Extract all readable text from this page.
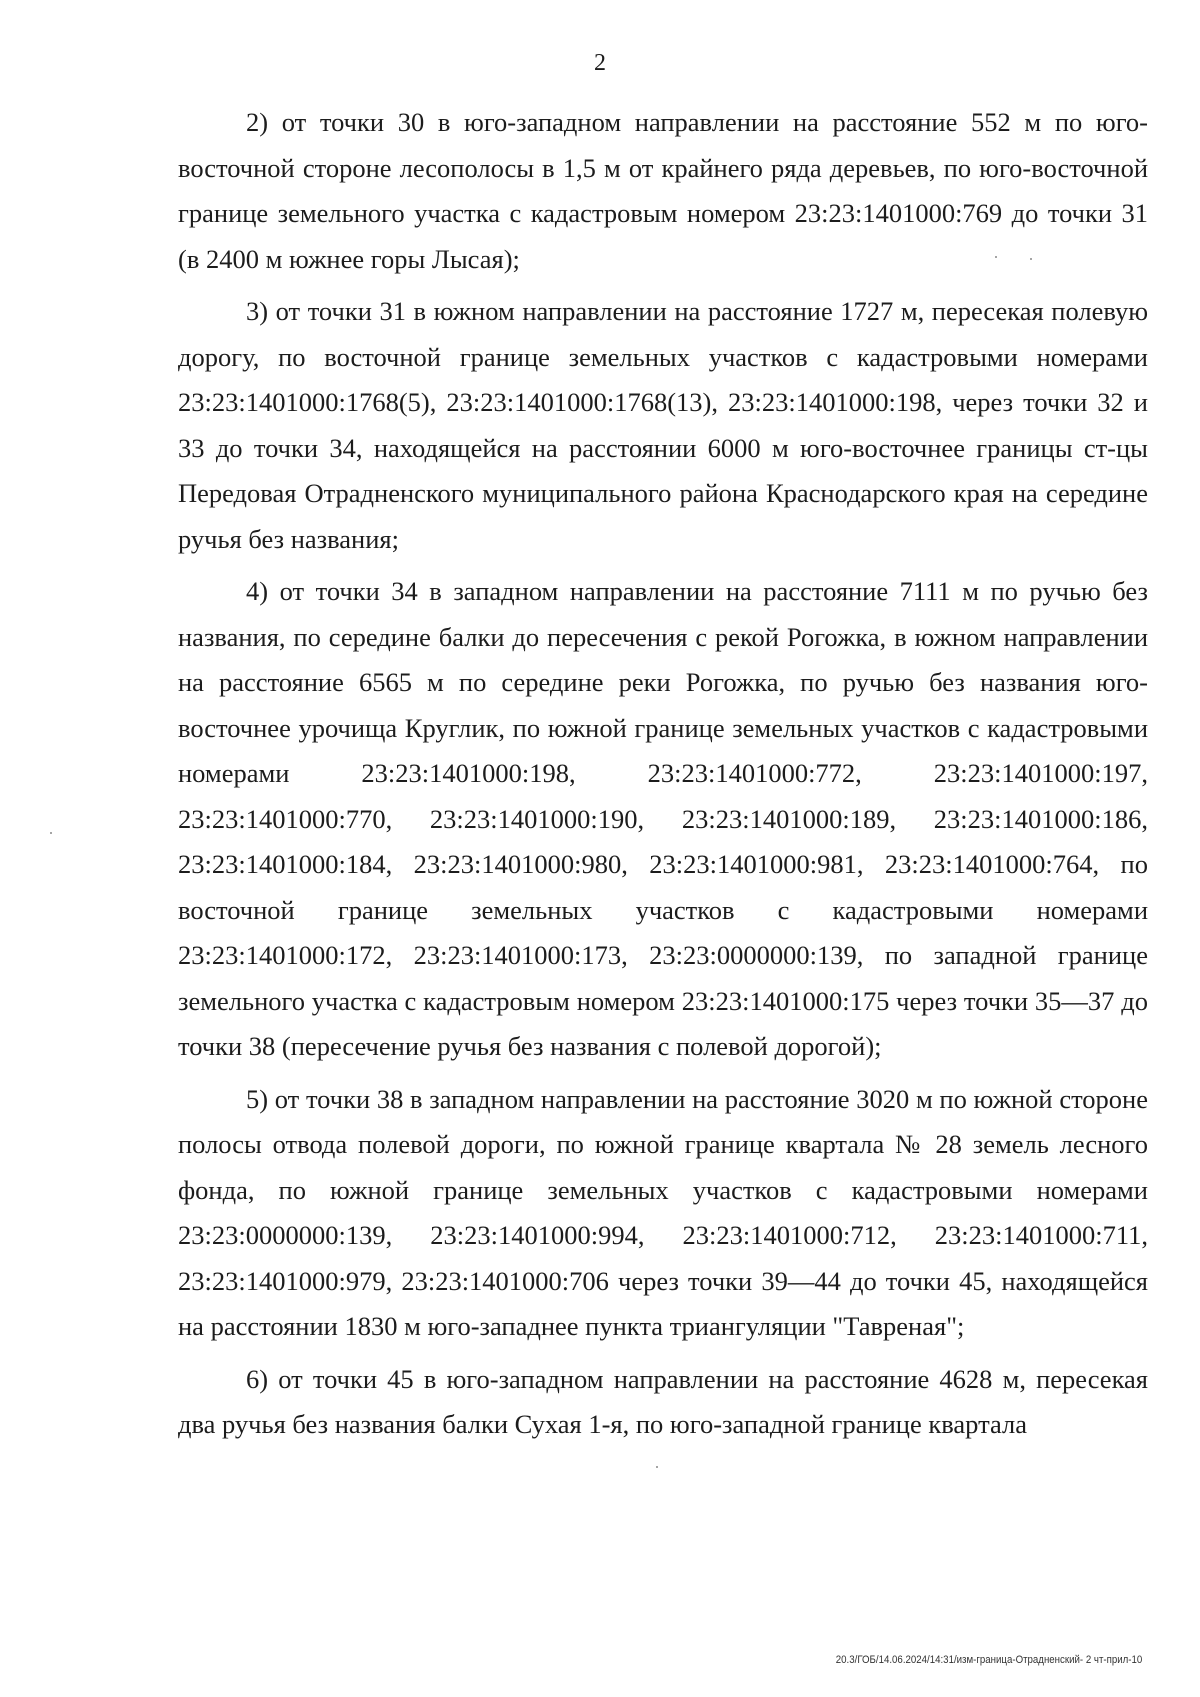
2

2) от точки 30 в юго-западном направлении на расстояние 552 м по юго-восточной стороне лесополосы в 1,5 м от крайнего ряда деревьев, по юго-восточной границе земельного участка с кадастровым номером 23:23:1401000:769 до точки 31 (в 2400 м южнее горы Лысая);

3) от точки 31 в южном направлении на расстояние 1727 м, пересекая полевую дорогу, по восточной границе земельных участков с кадастровыми номерами 23:23:1401000:1768(5), 23:23:1401000:1768(13), 23:23:1401000:198, через точки 32 и 33 до точки 34, находящейся на расстоянии 6000 м юго-восточнее границы ст-цы Передовая Отрадненского муниципального района Краснодарского края на середине ручья без названия;

4) от точки 34 в западном направлении на расстояние 7111 м по ручью без названия, по середине балки до пересечения с рекой Рогожка, в южном направлении на расстояние 6565 м по середине реки Рогожка, по ручью без названия юго-восточнее урочища Круглик, по южной границе земельных участков с кадастровыми номерами 23:23:1401000:198, 23:23:1401000:772, 23:23:1401000:197, 23:23:1401000:770, 23:23:1401000:190, 23:23:1401000:189, 23:23:1401000:186, 23:23:1401000:184, 23:23:1401000:980, 23:23:1401000:981, 23:23:1401000:764, по восточной границе земельных участков с кадастровыми номерами 23:23:1401000:172, 23:23:1401000:173, 23:23:0000000:139, по западной границе земельного участка с кадастровым номером 23:23:1401000:175 через точки 35—37 до точки 38 (пересечение ручья без названия с полевой дорогой);

5) от точки 38 в западном направлении на расстояние 3020 м по южной стороне полосы отвода полевой дороги, по южной границе квартала № 28 земель лесного фонда, по южной границе земельных участков с кадастровыми номерами 23:23:0000000:139, 23:23:1401000:994, 23:23:1401000:712, 23:23:1401000:711, 23:23:1401000:979, 23:23:1401000:706 через точки 39—44 до точки 45, находящейся на расстоянии 1830 м юго-западнее пункта триангуляции "Тавреная";

6) от точки 45 в юго-западном направлении на расстояние 4628 м, пересекая два ручья без названия балки Сухая 1-я, по юго-западной границе квартала

20.3/ГОБ/14.06.2024/14:31/изм-граница-Отрадненский- 2 чт-прил-10
